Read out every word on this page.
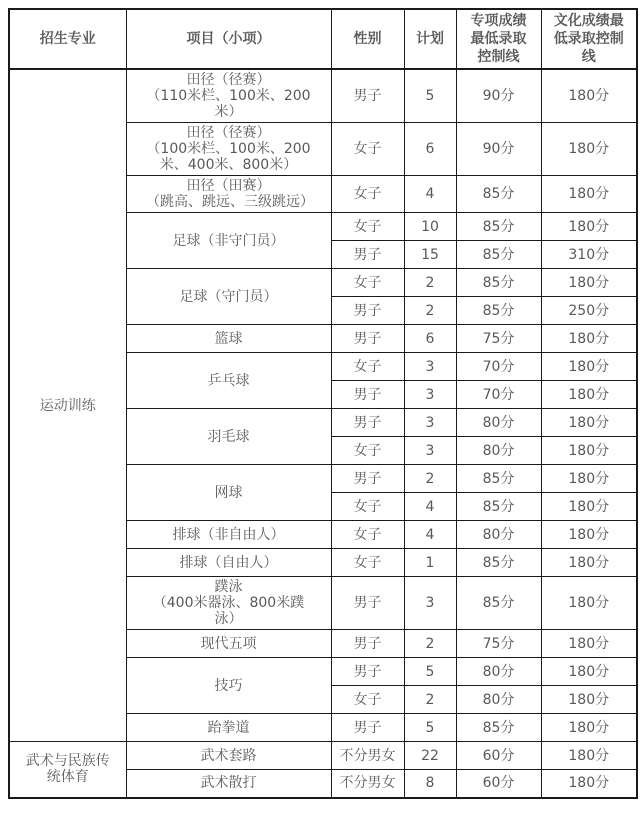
招生专业	项目（小项）	性别	计划	专项成绩最低录取控制线	文化成绩最低录取控制线

运动训练	田径（径赛）
（110米栏、100米、200米）	男子	5	90分	180分

	田径（径赛）
（100米栏、100米、200米、400米、800米）	女子	6	90分	180分

	田径（田赛）
（跳高、跳远、三级跳远）	女子	4	85分	180分

	足球（非守门员）	女子	10	85分	180分
		男子	15	85分	310分

	足球（守门员）	女子	2	85分	180分
		男子	2	85分	250分

	篮球	男子	6	75分	180分

	乒乓球	女子	3	70分	180分
		男子	3	70分	180分

	羽毛球	男子	3	80分	180分
		女子	3	80分	180分

	网球	男子	2	85分	180分
		女子	4	85分	180分

	排球（非自由人）	女子	4	80分	180分

	排球（自由人）	女子	1	85分	180分

	蹼泳
（400米器泳、800米蹼泳）	男子	3	85分	180分

	现代五项	男子	2	75分	180分

	技巧	男子	5	80分	180分
		女子	2	80分	180分

	跆拳道	男子	5	85分	180分

武术与民族传统体育	武术套路	不分男女	22	60分	180分

	武术散打	不分男女	8	60分	180分
